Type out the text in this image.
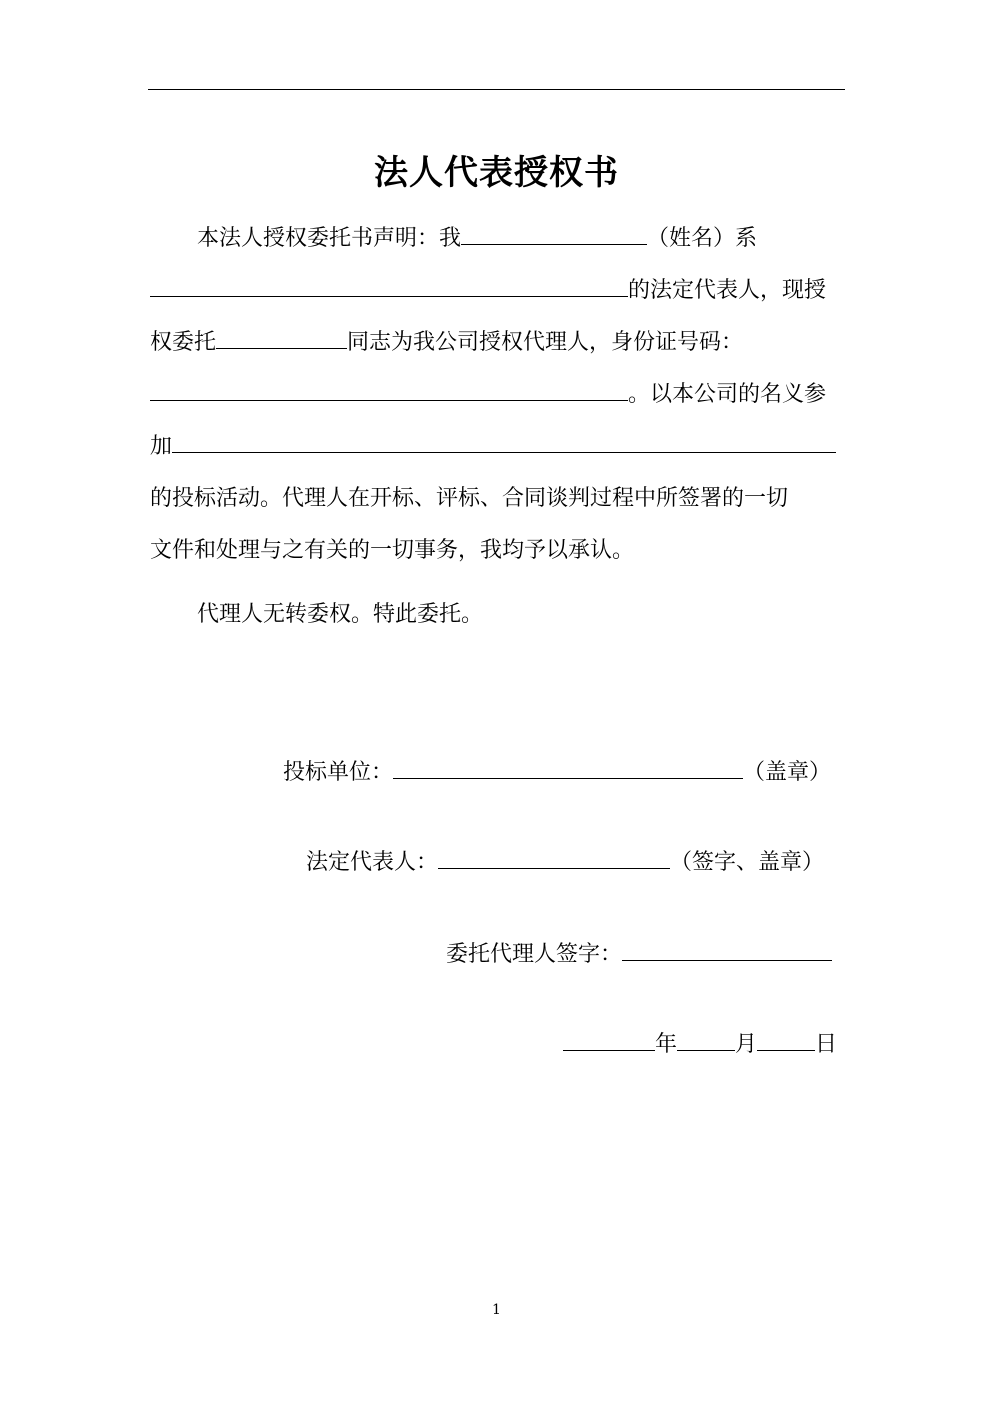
法人代表授权书
本法人授权委托书声明：我	（姓名）系
的法定代表人，现授
权委托	同志为我公司授权代理人，身份证号码：
。以本公司的名义参
加
的投标活动。代理人在开标、评标、合同谈判过程中所签署的一切
文件和处理与之有关的一切事务，我均予以承认。
代理人无转委权。特此委托。
投标单位：	（盖章）
法定代表人：	（签字、盖章）
委托代理人签字：
年	月	日
1
